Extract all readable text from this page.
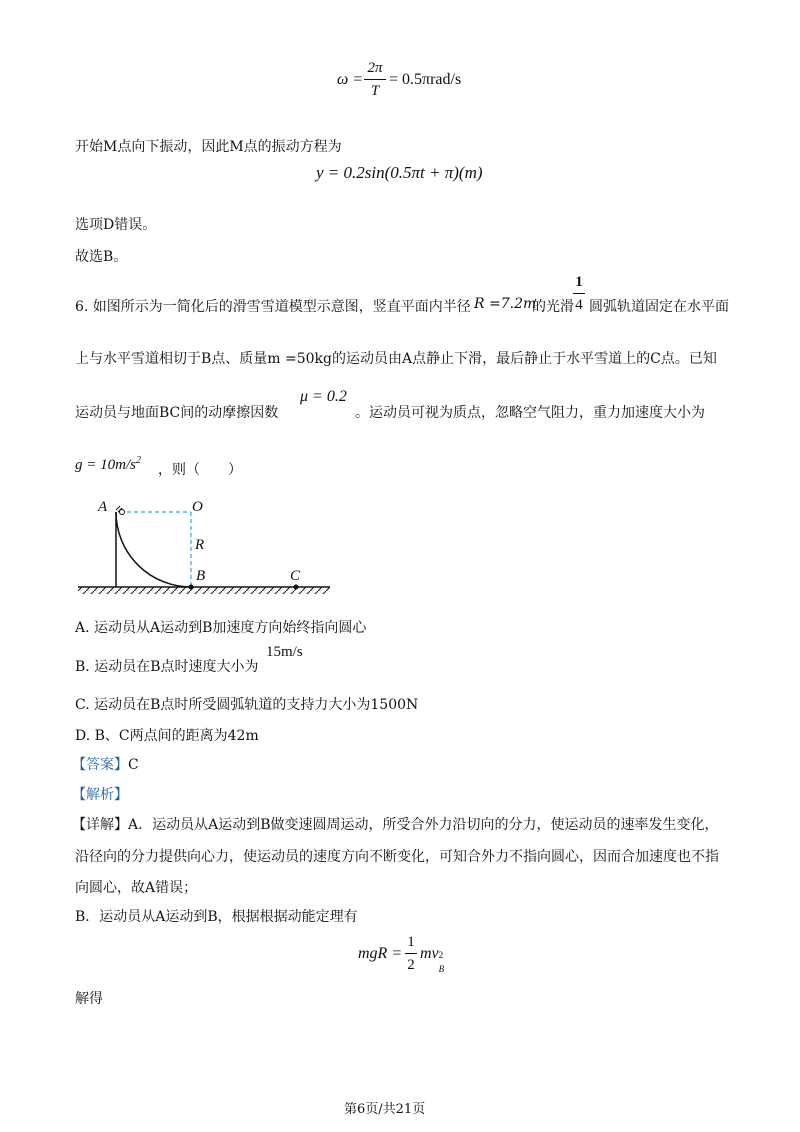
ω =
2π
T
= 0.5πrad/s
开始M点向下振动，因此M点的振动方程为
y = 0.2sin(0.5πt + π)(m)
选项D错误。
故选B。
6. 如图所示为一简化后的滑雪雪道模型示意图，竖直平面内半径 R =7.2m
的光滑
1
4 圆弧轨道固定在水平面
上与水平雪道相切于B点、质量m =50kg的运动员由A点静止下滑，最后静止于水平雪道上的C点。已知
运动员与地面BC间的动摩擦因数
μ = 0.2
。运动员可视为质点，忽略空气阻力，重力加速度大小为
$g = 10m/s^2$
，则（　　）
A	O
R
B	C
A. 运动员从A运动到B加速度方向始终指向圆心
B. 运动员在B点时速度大小为
15m/s
C. 运动员在B点时所受圆弧轨道的支持力大小为1500N
D. B、C两点间的距离为42m
【答案】C
【解析】
【详解】A．运动员从A运动到B做变速圆周运动，所受合外力沿切向的分力，使运动员的速率发生变化，
沿径向的分力提供向心力，使运动员的速度方向不断变化，可知合外力不指向圆心，因而合加速度也不指
向圆心，故A错误；
B．运动员从A运动到B，根据根据动能定理有
mgR =
1
2
mv 2
B
解得
第6页/共21页
